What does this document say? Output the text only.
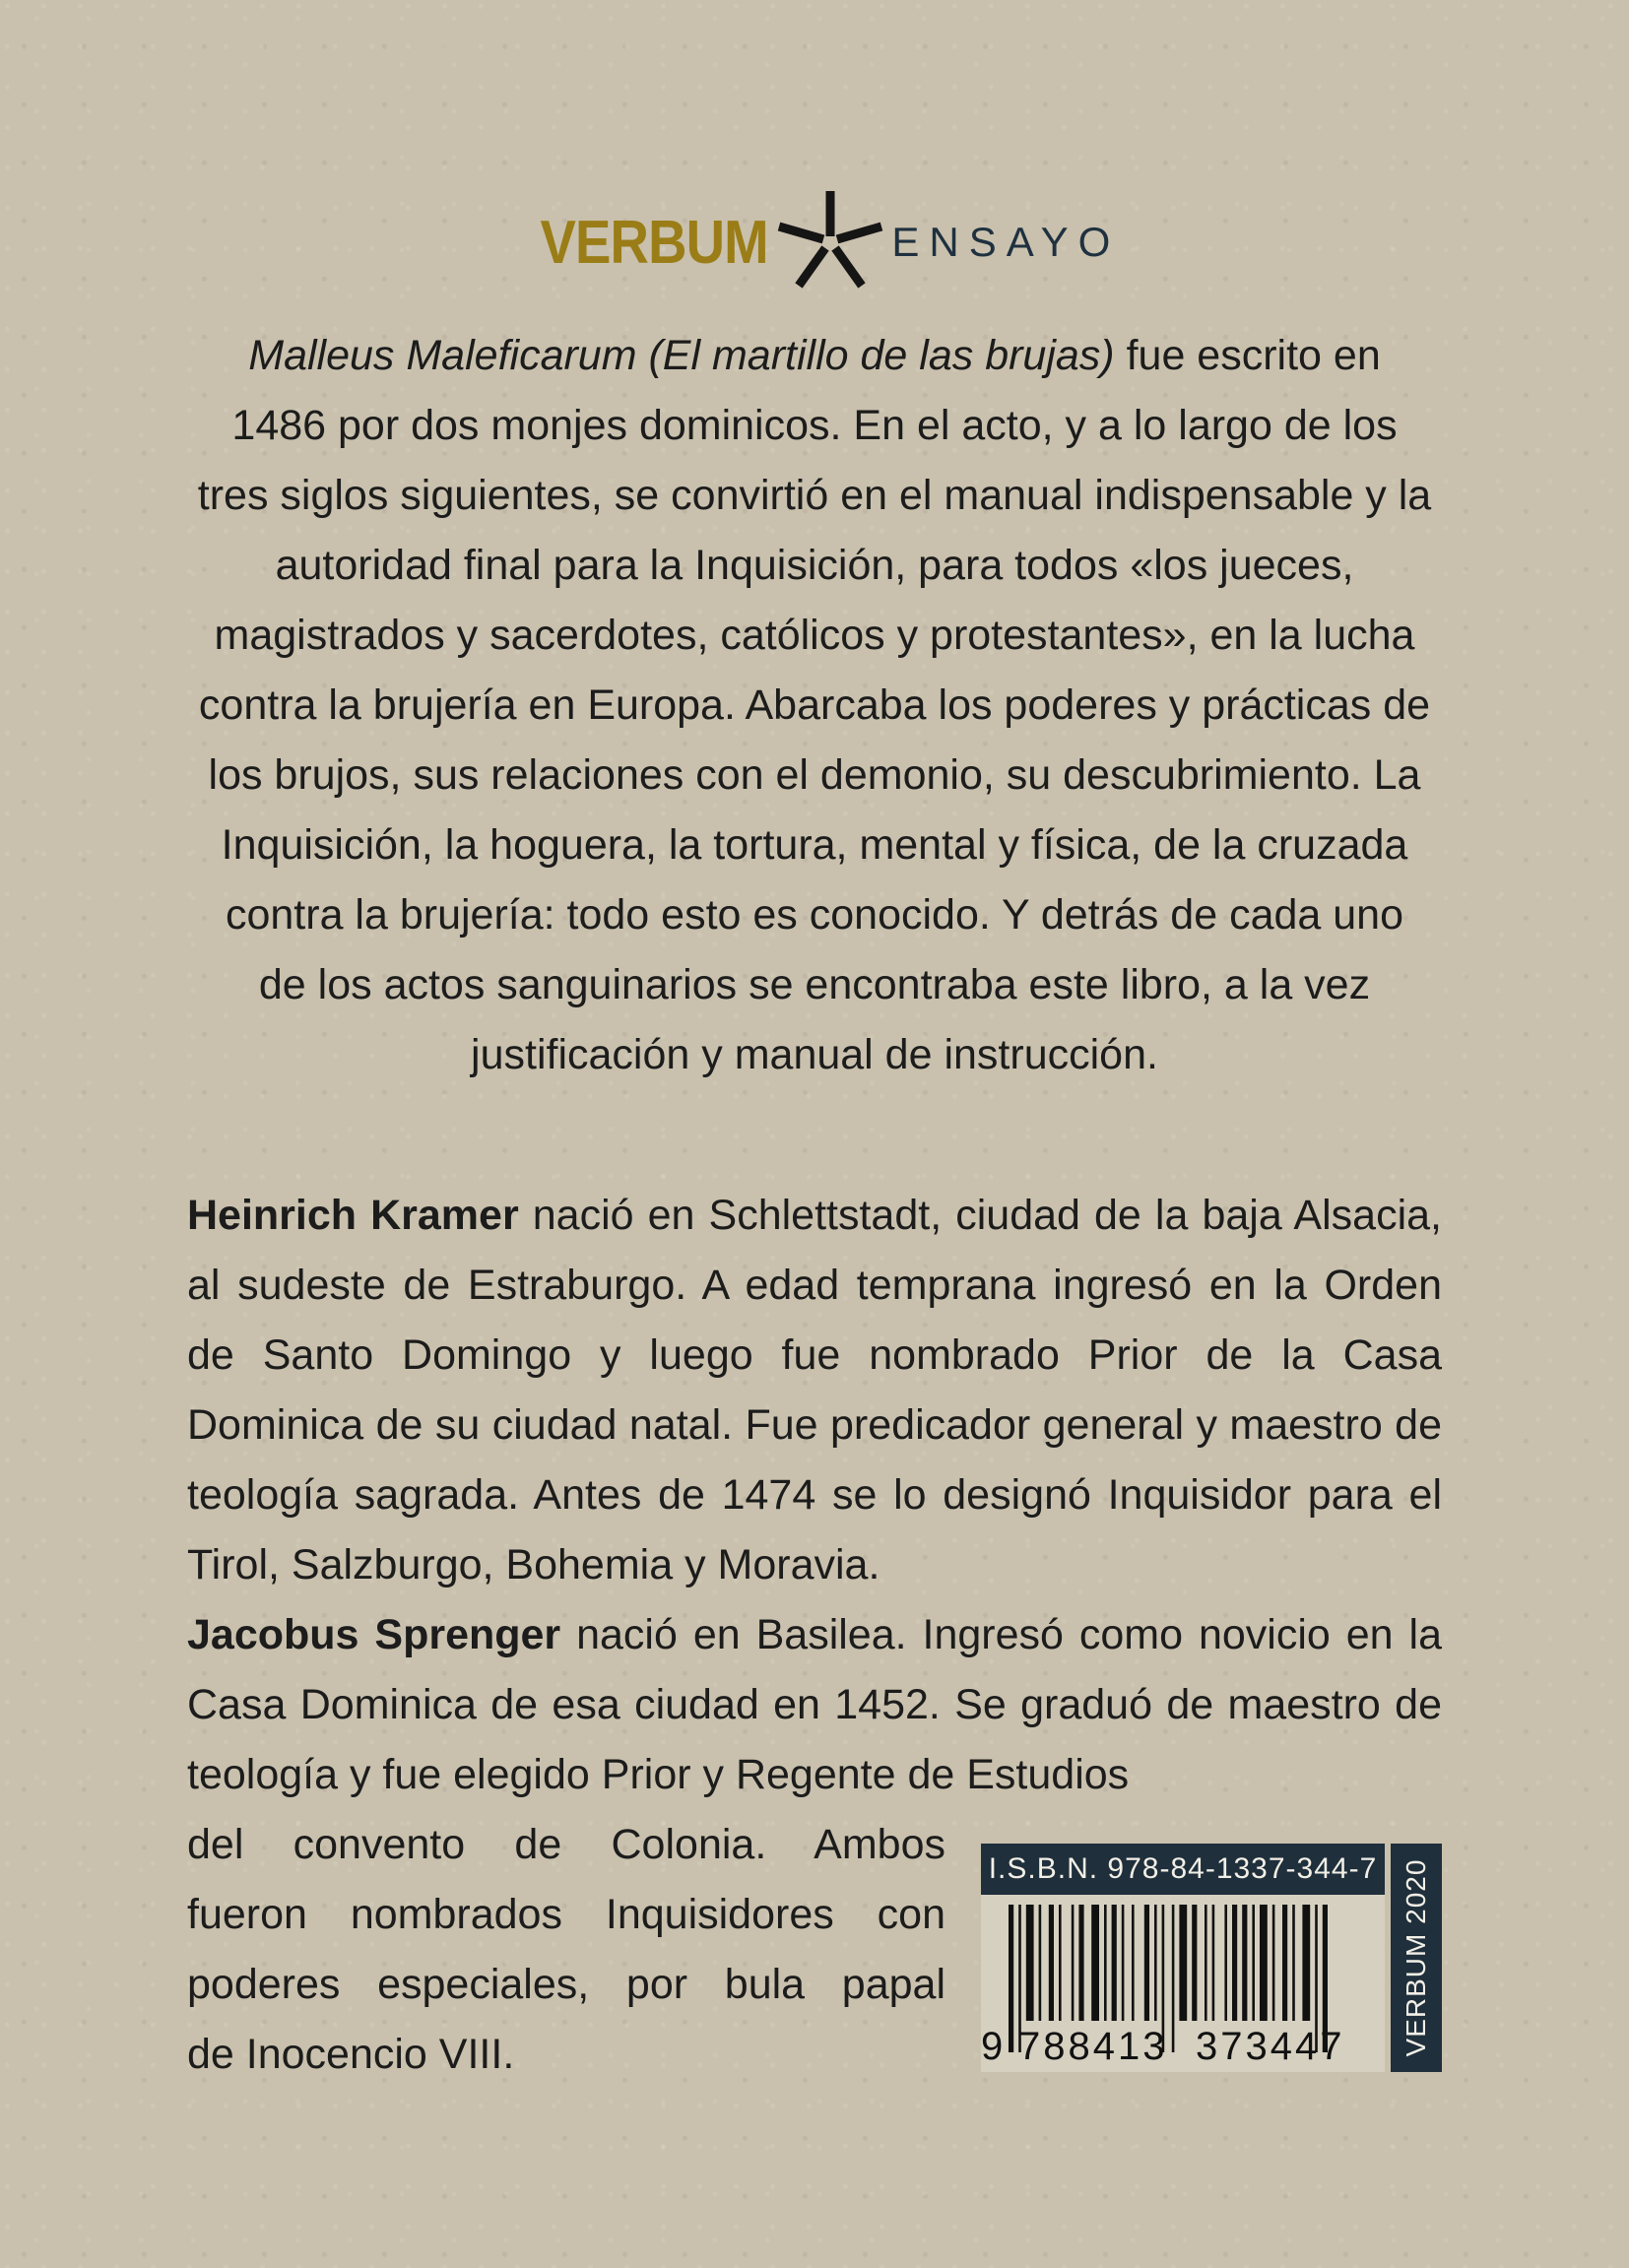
VERBUM	ENSAYO

Malleus Maleficarum (El martillo de las brujas) fue escrito en 1486 por dos monjes dominicos. En el acto, y a lo largo de los tres siglos siguientes, se convirtió en el manual indispensable y la autoridad final para la Inquisición, para todos «los jueces, magistrados y sacerdotes, católicos y protestantes», en la lucha contra la brujería en Europa. Abarcaba los poderes y prácticas de los brujos, sus relaciones con el demonio, su descubrimiento. La Inquisición, la hoguera, la tortura, mental y física, de la cruzada contra la brujería: todo esto es conocido. Y detrás de cada uno de los actos sanguinarios se encontraba este libro, a la vez justificación y manual de instrucción.

Heinrich Kramer nació en Schlettstadt, ciudad de la baja Alsacia, al sudeste de Estraburgo. A edad temprana ingresó en la Orden de Santo Domingo y luego fue nombrado Prior de la Casa Dominica de su ciudad natal. Fue predicador general y maestro de teología sagrada. Antes de 1474 se lo designó Inquisidor para el Tirol, Salzburgo, Bohemia y Moravia.

Jacobus Sprenger nació en Basilea. Ingresó como novicio en la Casa Dominica de esa ciudad en 1452. Se graduó de maestro de teología y fue elegido Prior y Regente de Estudios

del convento de Colonia. Ambos
fueron nombrados Inquisidores con
poderes especiales, por bula papal
de Inocencio VIII.
I.S.B.N. 978-84-1337-344-7 VERBUM 2020
9 788413 373447
